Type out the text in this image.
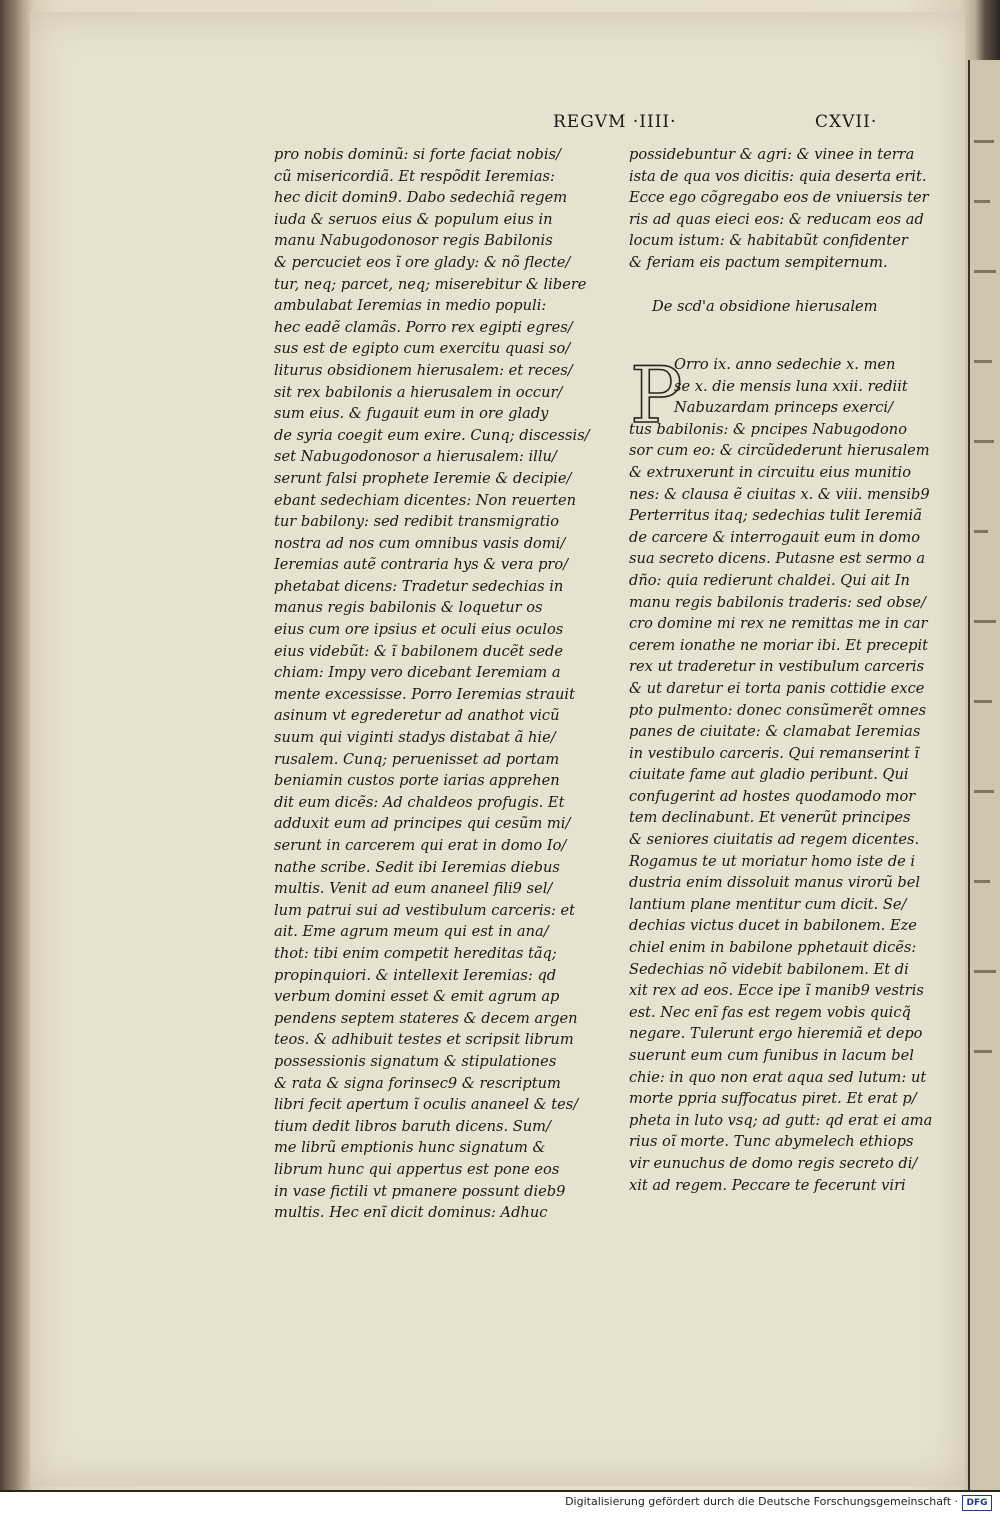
REGVM ·IIII·	CXVII·
pro nobis dominũ: si forte faciat nobis/
cũ misericordiã. Et respõdit Ieremias:
hec dicit domin9. Dabo sedechiã regem
iuda & seruos eius & populum eius in
manu Nabugodonosor regis Babilonis
& percuciet eos ĩ ore glady: & nõ flecte/
tur, neq; parcet, neq; miserebitur & libere
ambulabat Ieremias in medio populi:
hec eadẽ clamãs. Porro rex egipti egres/
sus est de egipto cum exercitu quasi so/
liturus obsidionem hierusalem: et reces/
sit rex babilonis a hierusalem in occur/
sum eius. & fugauit eum in ore glady
de syria coegit eum exire. Cunq; discessis/
set Nabugodonosor a hierusalem: illu/
serunt falsi prophete Ieremie & decipie/
ebant sedechiam dicentes: Non reuerten
tur babilony: sed redibit transmigratio
nostra ad nos cum omnibus vasis domi/
Ieremias autẽ contraria hys & vera pro/
phetabat dicens: Tradetur sedechias in
manus regis babilonis & loquetur os
eius cum ore ipsius et oculi eius oculos
eius videbũt: & ĩ babilonem ducẽt sede
chiam: Impy vero dicebant Ieremiam a
mente excessisse. Porro Ieremias strauit
asinum vt egrederetur ad anathot vicũ
suum qui viginti stadys distabat ã hie/
rusalem. Cunq; peruenisset ad portam
beniamin custos porte iarias apprehen
dit eum dicẽs: Ad chaldeos profugis. Et
adduxit eum ad principes qui cesũm mi/
serunt in carcerem qui erat in domo Io/
nathe scribe. Sedit ibi Ieremias diebus
multis. Venit ad eum ananeel fili9 sel/
lum patrui sui ad vestibulum carceris: et
ait. Eme agrum meum qui est in ana/
thot: tibi enim competit hereditas tãq;
propinquiori. & intellexit Ieremias: qd
verbum domini esset & emit agrum ap
pendens septem stateres & decem argen
teos. & adhibuit testes et scripsit librum
possessionis signatum & stipulationes
& rata & signa forinsec9 & rescriptum
libri fecit apertum ĩ oculis ananeel & tes/
tium dedit libros baruth dicens. Sum/
me librũ emptionis hunc signatum &
librum hunc qui appertus est pone eos
in vase fictili vt pmanere possunt dieb9
multis. Hec enĩ dicit dominus: Adhuc
possidebuntur & agri: & vinee in terra
ista de qua vos dicitis: quia deserta erit.
Ecce ego cõgregabo eos de vniuersis ter
ris ad quas eieci eos: & reducam eos ad
locum istum: & habitabũt confidenter
& feriam eis pactum sempiternum.
De scd'a obsidione hierusalem
P
Orro ix. anno sedechie x. men
se x. die mensis luna xxii. rediit
Nabuzardam princeps exerci/
tus babilonis: & pncipes Nabugodono
sor cum eo: & circũdederunt hierusalem
& extruxerunt in circuitu eius munitio
nes: & clausa ẽ ciuitas x. & viii. mensib9
Perterritus itaq; sedechias tulit Ieremiã
de carcere & interrogauit eum in domo
sua secreto dicens. Putasne est sermo a
dño: quia redierunt chaldei. Qui ait In
manu regis babilonis traderis: sed obse/
cro domine mi rex ne remittas me in car
cerem ionathe ne moriar ibi. Et precepit
rex ut traderetur in vestibulum carceris
& ut daretur ei torta panis cottidie exce
pto pulmento: donec consũmerẽt omnes
panes de ciuitate: & clamabat Ieremias
in vestibulo carceris. Qui remanserint ĩ
ciuitate fame aut gladio peribunt. Qui
confugerint ad hostes quodamodo mor
tem declinabunt. Et venerũt principes
& seniores ciuitatis ad regem dicentes.
Rogamus te ut moriatur homo iste de i
dustria enim dissoluit manus virorũ bel
lantium plane mentitur cum dicit. Se/
dechias victus ducet in babilonem. Eze
chiel enim in babilone pphetauit dicẽs:
Sedechias nõ videbit babilonem. Et di
xit rex ad eos. Ecce ipe ĩ manib9 vestris
est. Nec enĩ fas est regem vobis quicq̃
negare. Tulerunt ergo hieremiã et depo
suerunt eum cum funibus in lacum bel
chie: in quo non erat aqua sed lutum: ut
morte ppria suffocatus piret. Et erat p/
pheta in luto vsq; ad gutt: qd erat ei ama
rius oĩ morte. Tunc abymelech ethiops
vir eunuchus de domo regis secreto di/
xit ad regem. Peccare te fecerunt viri
Digitalisierung gefördert durch die Deutsche Forschungsgemeinschaft · DFG
